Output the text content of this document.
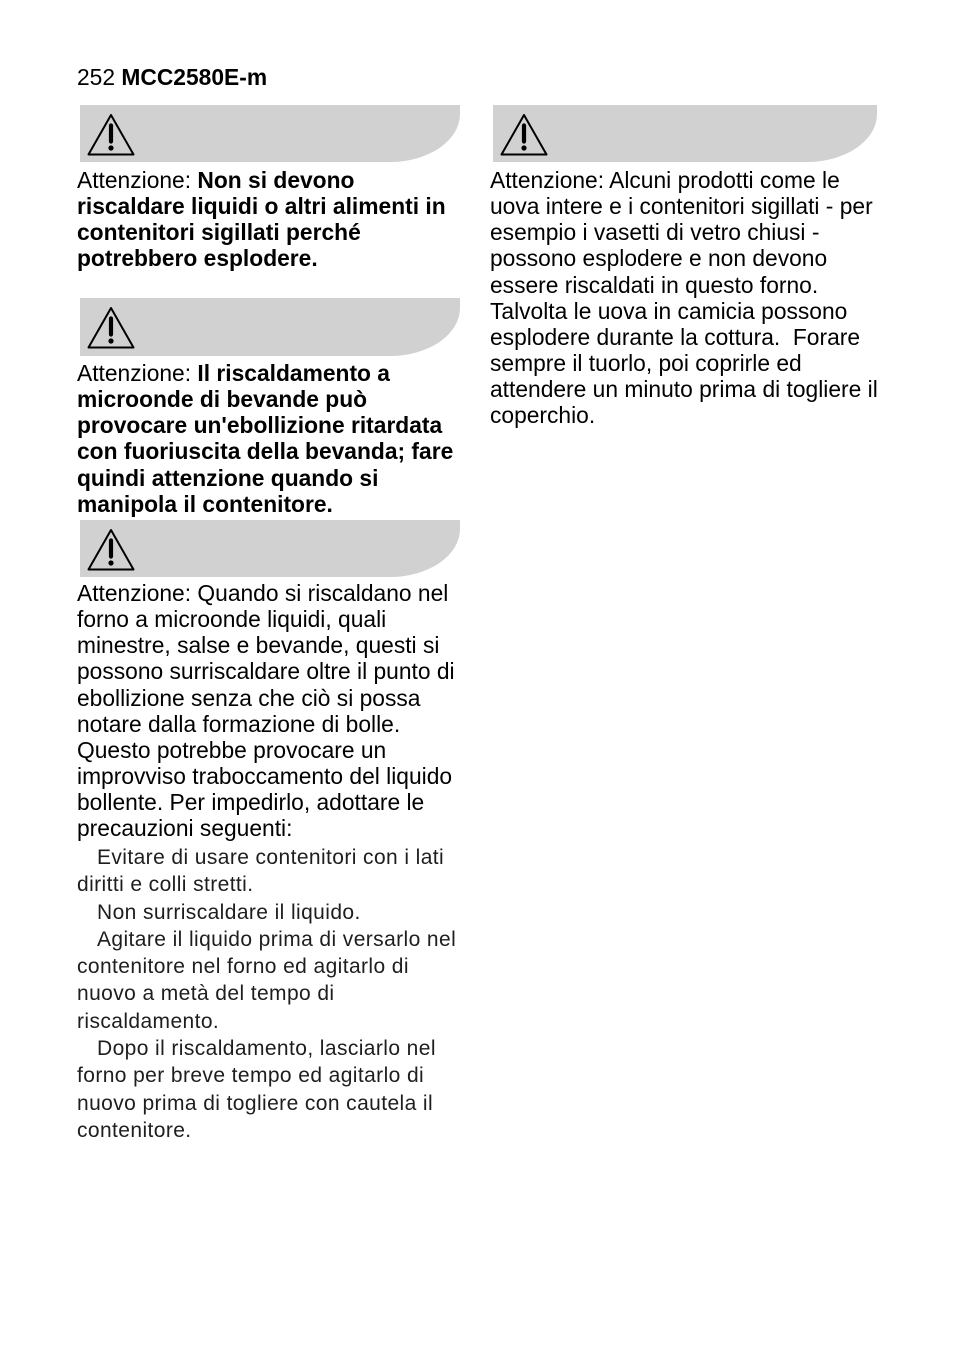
252 MCC2580E-m
Attenzione: Non si devono
riscaldare liquidi o altri alimenti in
contenitori sigillati perché
potrebbero esplodere.
Attenzione: Il riscaldamento a
microonde di bevande può
provocare un'ebollizione ritardata
con fuoriuscita della bevanda; fare
quindi attenzione quando si
manipola il contenitore.
Attenzione: Quando si riscaldano nel
forno a microonde liquidi, quali
minestre, salse e bevande, questi si
possono surriscaldare oltre il punto di
ebollizione senza che ciò si possa
notare dalla formazione di bolle.
Questo potrebbe provocare un
improvviso traboccamento del liquido
bollente. Per impedirlo, adottare le
precauzioni seguenti:
Evitare di usare contenitori con i lati
diritti e colli stretti.
Non surriscaldare il liquido.
Agitare il liquido prima di versarlo nel
contenitore nel forno ed agitarlo di
nuovo a metà del tempo di
riscaldamento.
Dopo il riscaldamento, lasciarlo nel
forno per breve tempo ed agitarlo di
nuovo prima di togliere con cautela il
contenitore.
Attenzione: Alcuni prodotti come le
uova intere e i contenitori sigillati - per
esempio i vasetti di vetro chiusi -
possono esplodere e non devono
essere riscaldati in questo forno.
Talvolta le uova in camicia possono
esplodere durante la cottura.  Forare
sempre il tuorlo, poi coprirle ed
attendere un minuto prima di togliere il
coperchio.
